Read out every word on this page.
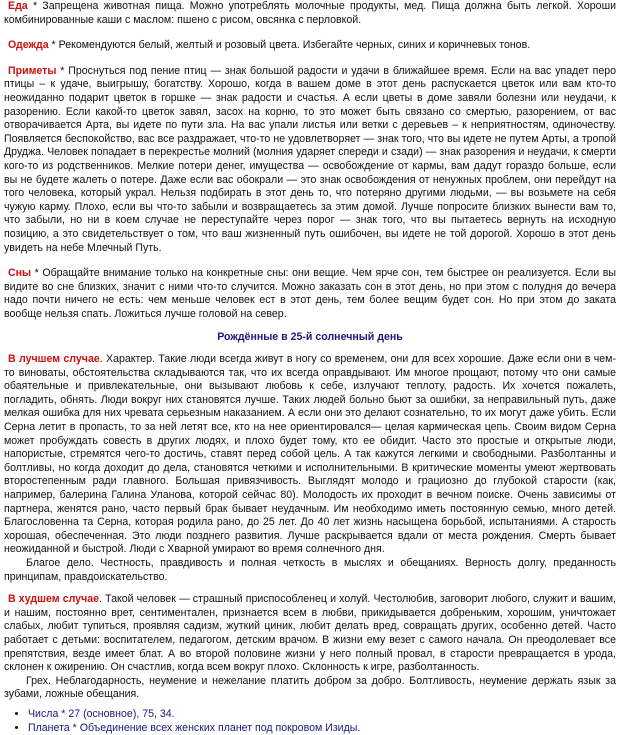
Еда * Запрещена животная пища. Можно употреблять молочные продукты, мед. Пища должна быть легкой. Хороши комбинированные каши с маслом: пшено с рисом, овсянка с перловкой.

Одежда * Рекомендуются белый, желтый и розовый цвета. Избегайте черных, синих и коричневых тонов.

Приметы * Проснуться под пение птиц — знак большой радости и удачи в ближайшее время. Если на вас упадет перо птицы – к удаче, выигрышу, богатству. Хорошо, когда в вашем доме в этот день распускается цветок или вам кто-то неожиданно подарит цветок в горшке — знак радости и счастья. А если цветы в доме завяли болезни или неудачи, к разорению. Если какой-то цветок завял, засох на корню, то это может быть связано со смертью, разорением, от вас отворачивается Арта, вы идете по пути зла. На вас упали листья или ветки с деревьев – к неприятностям, одиночеству. Появляется беспокойство, вас все раздражает, что-то не удовлетворяет — знак того, что вы идете не путем Арты, а тропой Друджа. Человек попадает в перекрестье молний (молния ударяет спереди и сзади) — знак разорения и неудачи, к смерти кого-то из родственников. Мелкие потери денег, имущества — освобождение от кармы, вам дадут гораздо больше, если вы не будете жалеть о потере. Даже если вас обокрали — это знак освобождения от ненужных проблем, они перейдут на того человека, который украл. Нельзя подбирать в этот день то, что потеряно другими людьми, — вы возьмете на себя чужую карму. Плохо, если вы что-то забыли и возвращаетесь за этим домой. Лучше попросите близких вынести вам то, что забыли, но ни в коем случае не переступайте через порог — знак того, что вы пытаетесь вернуть на исходную позицию, а это свидетельствует о том, что ваш жизненный путь ошибочен, вы идете не той дорогой. Хорошо в этот день увидеть на небе Млечный Путь.

Сны * Обращайте внимание только на конкретные сны: они вещие. Чем ярче сон, тем быстрее он реализуется. Если вы видите во сне близких, значит с ними что-то случится. Можно заказать сон в этот день, но при этом с полудня до вечера надо почти ничего не есть: чем меньше человек ест в этот день, тем более вещим будет сон. Но при этом до заката вообще нельзя спать. Ложиться лучше головой на север.

Рождённые в 25-й солнечный день

В лучшем случае. Характер. Такие люди всегда живут в ногу со временем, они для всех хорошие. Даже если они в чем-то виноваты, обстоятельства складываются так, что их всегда оправдывают. Им многое прощают, потому что они самые обаятельные и привлекательные, они вызывают любовь к себе, излучают теплоту, радость. Их хочется пожалеть, погладить, обнять. Люди вокруг них становятся лучше. Таких людей больно бьют за ошибки, за неправильный путь, даже мелкая ошибка для них чревата серьезным наказанием. А если они это делают сознательно, то их могут даже убить. Если Серна летит в пропасть, то за ней летят все, кто на нее ориентировался— целая кармическая цепь. Своим видом Серна может пробуждать совесть в других людях, и плохо будет тому, кто ее обидит. Часто это простые и открытые люди, напористые, стремятся чего-то достичь, ставят перед собой цель. А так кажутся легкими и свободными. Разболтанны и болтливы, но когда доходит до дела, становятся четкими и исполнительными. В критические моменты умеют жертвовать второстепенным ради главного. Большая привязчивость. Выглядят молодо и грациозно до глубокой старости (как, например, балерина Галина Уланова, которой сейчас 80). Молодость их проходит в вечном поиске. Очень зависимы от партнера, женятся рано, часто первый брак бывает неудачным. Им необходимо иметь постоянную семью, много детей. Благословенна та Серна, которая родила рано, до 25 лет. До 40 лет жизнь насыщена борьбой, испытаниями. А старость хорошая, обеспеченная. Это люди позднего развития. Лучше раскрывается вдали от места рождения. Смерть бывает неожиданной и быстрой. Люди с Хварной умирают во время солнечного дня.

Благое дело. Честность, правдивость и полная четкость в мыслях и обещаниях. Верность долгу, преданность принципам, правдоискательство.

В худшем случае. Такой человек — страшный приспособленец и холуй. Честолюбив, заговорит любого, служит и вашим, и нашим, постоянно врет, сентиментален, признается всем в любви, прикидывается добреньким, хорошим, уничтожает слабых, любит тупиться, проявляя садизм, жуткий циник, любит делать вред, совращать других, особенно детей. Часто работает с детьми: воспитателем, педагогом, детским врачом. В жизни ему везет с самого начала. Он преодолевает все препятствия, везде имеет блат. А во второй половине жизни у него полный провал, в старости превращается в урода, склонен к ожирению. Он счастлив, когда всем вокруг плохо. Склонность к игре, разболтанность.

Грех. Неблагодарность, неумение и нежелание платить добром за добро. Болтливость, неумение держать язык за зубами, ложные обещания.

• Числа * 27 (основное), 75, 34.
• Планета * Объединение всех женских планет под покровом Изиды.
